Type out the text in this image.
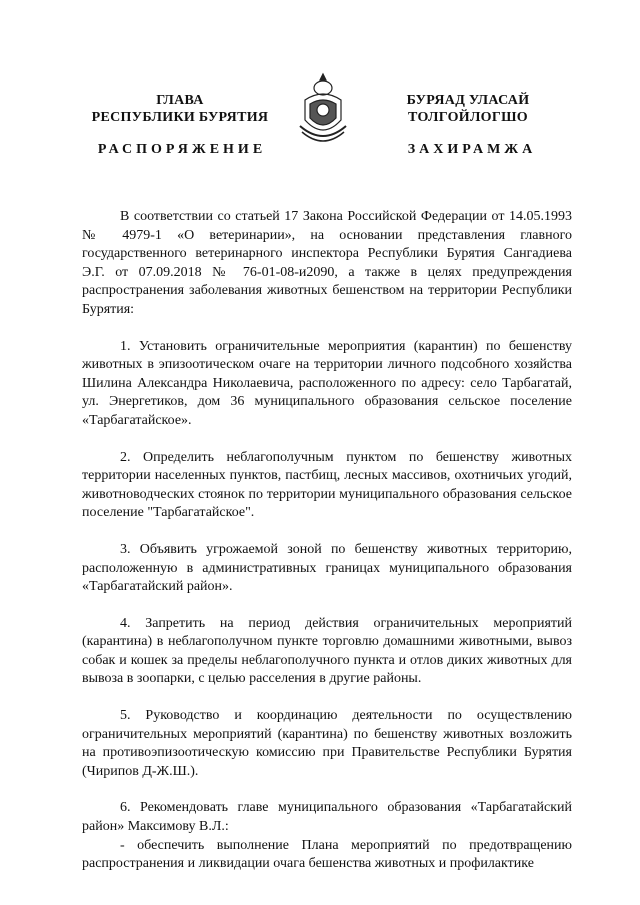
ГЛАВА
РЕСПУБЛИКИ БУРЯТИЯ
БУРЯАД УЛАСАЙ
ТОЛГОЙЛОГШО
РАСПОРЯЖЕНИЕ	ЗАХИРАМЖА

В соответствии со статьей 17 Закона Российской Федерации от 14.05.1993 № 4979-1 «О ветеринарии», на основании представления главного государственного ветеринарного инспектора Республики Бурятия Сангадиева Э.Г. от 07.09.2018 № 76-01-08-и2090, а также в целях предупреждения распространения заболевания животных бешенством на территории Республики Бурятия:

1. Установить ограничительные мероприятия (карантин) по бешенству животных в эпизоотическом очаге на территории личного подсобного хозяйства Шилина Александра Николаевича, расположенного по адресу: село Тарбагатай, ул. Энергетиков, дом 36 муниципального образования сельское поселение «Тарбагатайское».

2. Определить неблагополучным пунктом по бешенству животных территории населенных пунктов, пастбищ, лесных массивов, охотничьих угодий, животноводческих стоянок по территории муниципального образования сельское поселение "Тарбагатайское".

3. Объявить угрожаемой зоной по бешенству животных территорию, расположенную в административных границах муниципального образования «Тарбагатайский район».

4. Запретить на период действия ограничительных мероприятий (карантина) в неблагополучном пункте торговлю домашними животными, вывоз собак и кошек за пределы неблагополучного пункта и отлов диких животных для вывоза в зоопарки, с целью расселения в другие районы.

5. Руководство и координацию деятельности по осуществлению ограничительных мероприятий (карантина) по бешенству животных возложить на противоэпизоотическую комиссию при Правительстве Республики Бурятия (Чирипов Д-Ж.Ш.).

6. Рекомендовать главе муниципального образования «Тарбагатайский район» Максимову В.Л.:

- обеспечить выполнение Плана мероприятий по предотвращению распространения и ликвидации очага бешенства животных и профилактике
